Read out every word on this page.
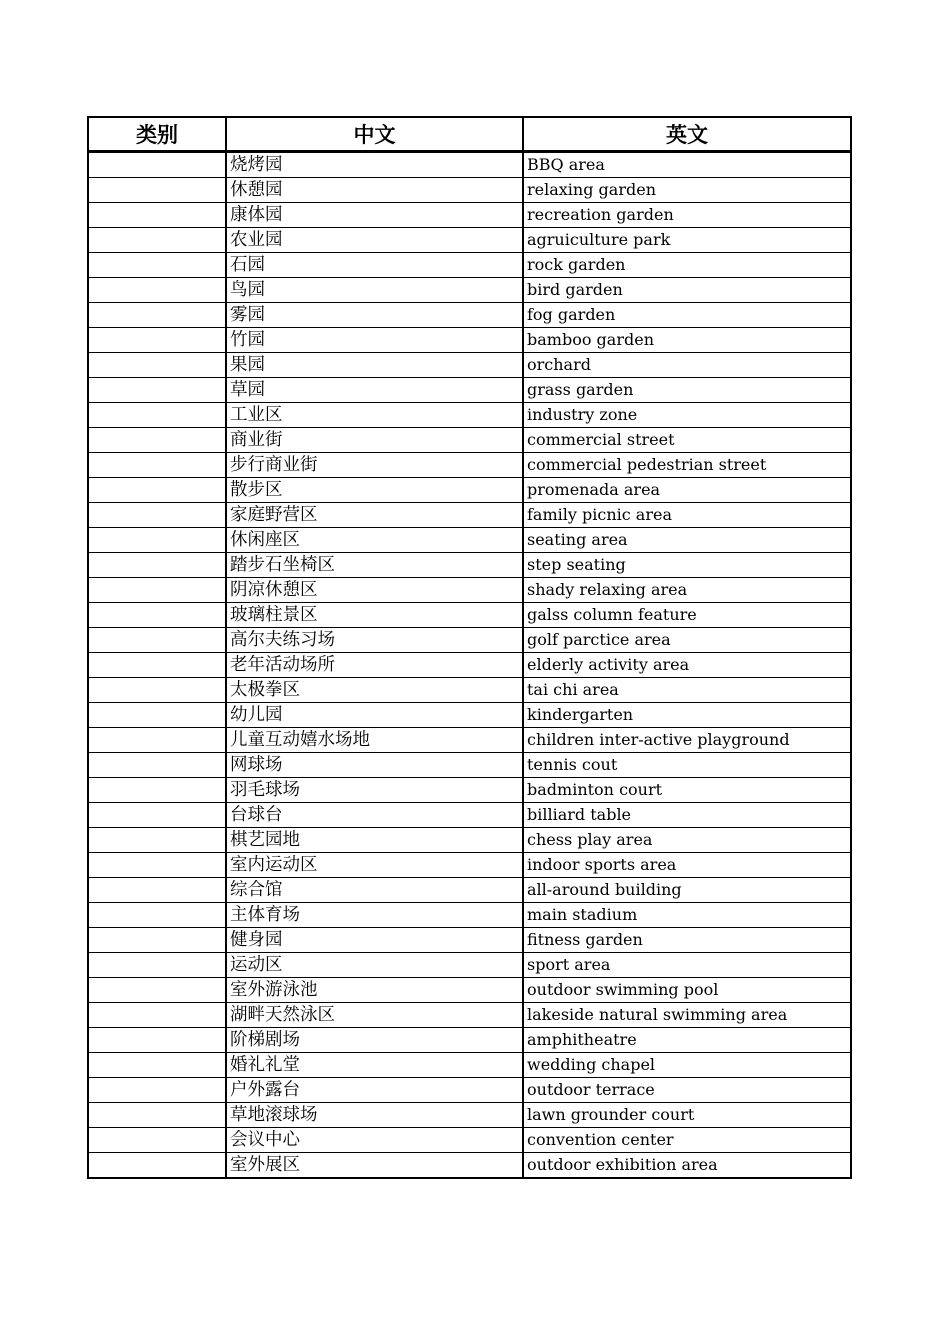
类别	中文	英文
	烧烤园	BBQ area
	休憩园	relaxing garden
	康体园	recreation garden
	农业园	agruiculture park
	石园	rock garden
	鸟园	bird garden
	雾园	fog garden
	竹园	bamboo garden
	果园	orchard
	草园	grass garden
	工业区	industry zone
	商业街	commercial street
	步行商业街	commercial pedestrian street
	散步区	promenada area
	家庭野营区	family picnic area
	休闲座区	seating area
	踏步石坐椅区	step seating
	阴凉休憩区	shady relaxing area
	玻璃柱景区	galss column feature
	高尔夫练习场	golf parctice area
	老年活动场所	elderly activity area
	太极拳区	tai chi area
	幼儿园	kindergarten
	儿童互动嬉水场地	children inter-active playground
	网球场	tennis cout
	羽毛球场	badminton court
	台球台	billiard table
	棋艺园地	chess play area
	室内运动区	indoor sports area
	综合馆	all-around building
	主体育场	main stadium
	健身园	fitness garden
	运动区	sport area
	室外游泳池	outdoor swimming pool
	湖畔天然泳区	lakeside natural swimming area
	阶梯剧场	amphitheatre
	婚礼礼堂	wedding chapel
	户外露台	outdoor terrace
	草地滚球场	lawn grounder court
	会议中心	convention center
	室外展区	outdoor exhibition area
